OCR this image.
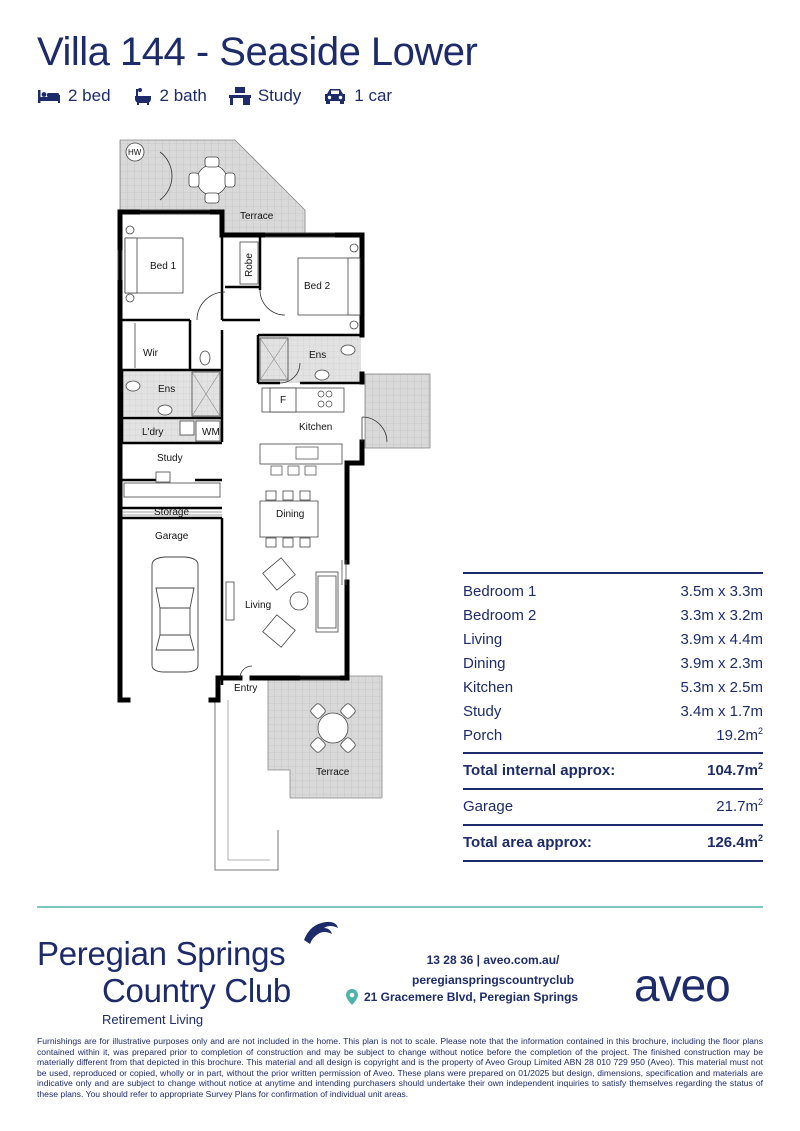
Villa 144 - Seaside Lower
2 bed	2 bath	Study	1 car
HW
Terrace
Robe
Bed 1
Bed 2
Wir
Ens
Ens
F
Kitchen
L'dry	WM
Study
Storage	Dining
Garage
Living
Entry
Terrace
Bedroom 1	3.5m x 3.3m
Bedroom 2	3.3m x 3.2m
Living	3.9m x 4.4m
Dining	3.9m x 2.3m
Kitchen	5.3m x 2.5m
Study	3.4m x 1.7m
Porch	$19.2m^2$
Total internal approx:	$104.7m^2$
Garage	$21.7m^2$
Total area approx:	$126.4m^2$
Peregian Springs
Country Club
Retirement Living
13 28 36 | aveo.com.au/
peregianspringscountryclub
21 Gracemere Blvd, Peregian Springs aveo
Furnishings are for illustrative purposes only and are not included in the home. This plan is not to scale. Please note that the information contained in this brochure, including the floor plans contained within it, was prepared prior to completion of construction and may be subject to change without notice before the completion of the project. The finished construction may be materially different from that depicted in this brochure. This material and all design is copyright and is the property of Aveo Group Limited ABN 28 010 729 950 (Aveo). This material must not be used, reproduced or copied, wholly or in part, without the prior written permission of Aveo. These plans were prepared on 01/2025 but design, dimensions, specification and materials are indicative only and are subject to change without notice at anytime and intending purchasers should undertake their own independent inquiries to satisfy themselves regarding the status of these plans. You should refer to appropriate Survey Plans for confirmation of individual unit areas.
